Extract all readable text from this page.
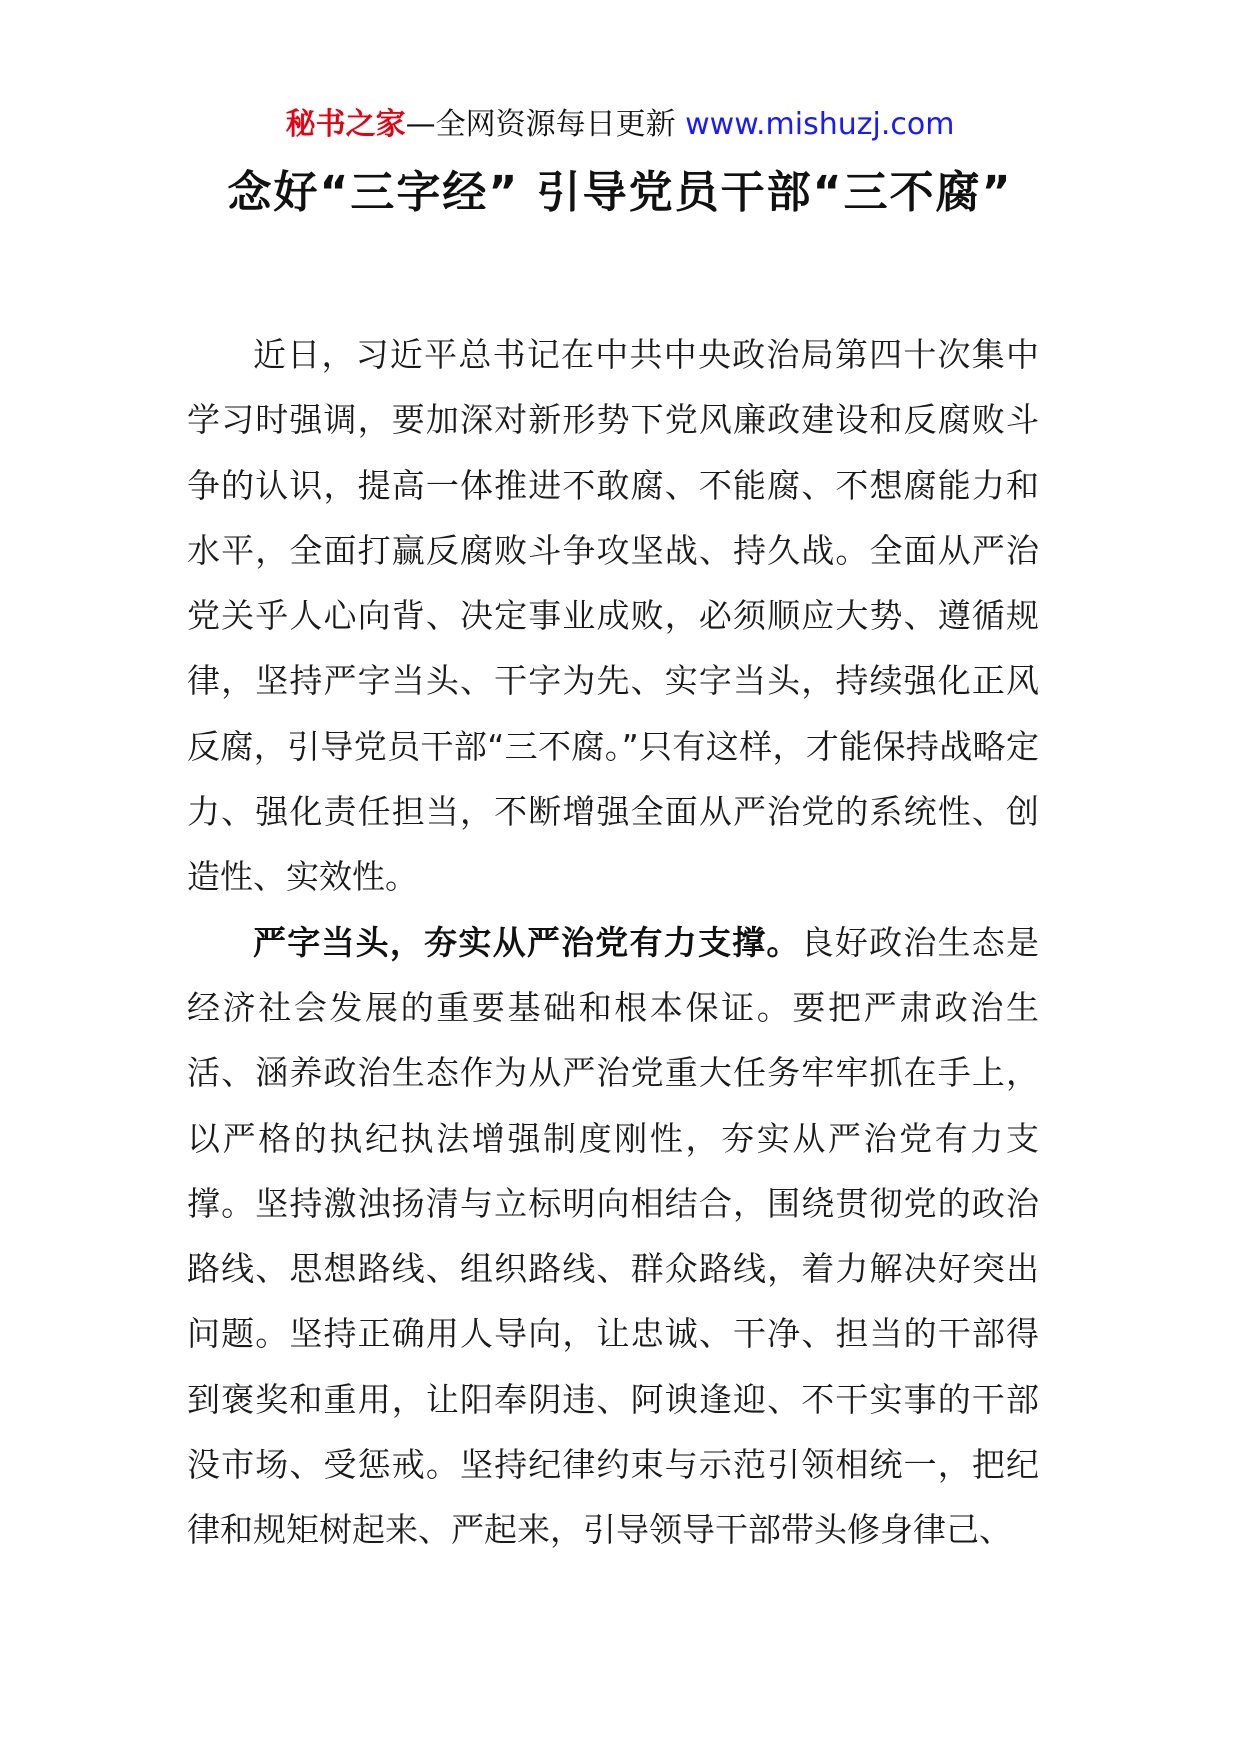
秘书之家—全网资源每日更新 www.mishuzj.com
念好“三字经” 引导党员干部“三不腐”

近日，习近平总书记在中共中央政治局第四十次集中学习时强调，要加深对新形势下党风廉政建设和反腐败斗争的认识，提高一体推进不敢腐、不能腐、不想腐能力和水平，全面打赢反腐败斗争攻坚战、持久战。全面从严治党关乎人心向背、决定事业成败，必须顺应大势、遵循规律，坚持严字当头、干字为先、实字当头，持续强化正风反腐，引导党员干部“三不腐。”只有这样，才能保持战略定力、强化责任担当，不断增强全面从严治党的系统性、创造性、实效性。

严字当头，夯实从严治党有力支撑。良好政治生态是经济社会发展的重要基础和根本保证。要把严肃政治生活、涵养政治生态作为从严治党重大任务牢牢抓在手上，以严格的执纪执法增强制度刚性，夯实从严治党有力支撑。坚持激浊扬清与立标明向相结合，围绕贯彻党的政治路线、思想路线、组织路线、群众路线，着力解决好突出问题。坚持正确用人导向，让忠诚、干净、担当的干部得到褒奖和重用，让阳奉阴违、阿谀逢迎、不干实事的干部没市场、受惩戒。坚持纪律约束与示范引领相统一，把纪律和规矩树起来、严起来，引导领导干部带头修身律己、
